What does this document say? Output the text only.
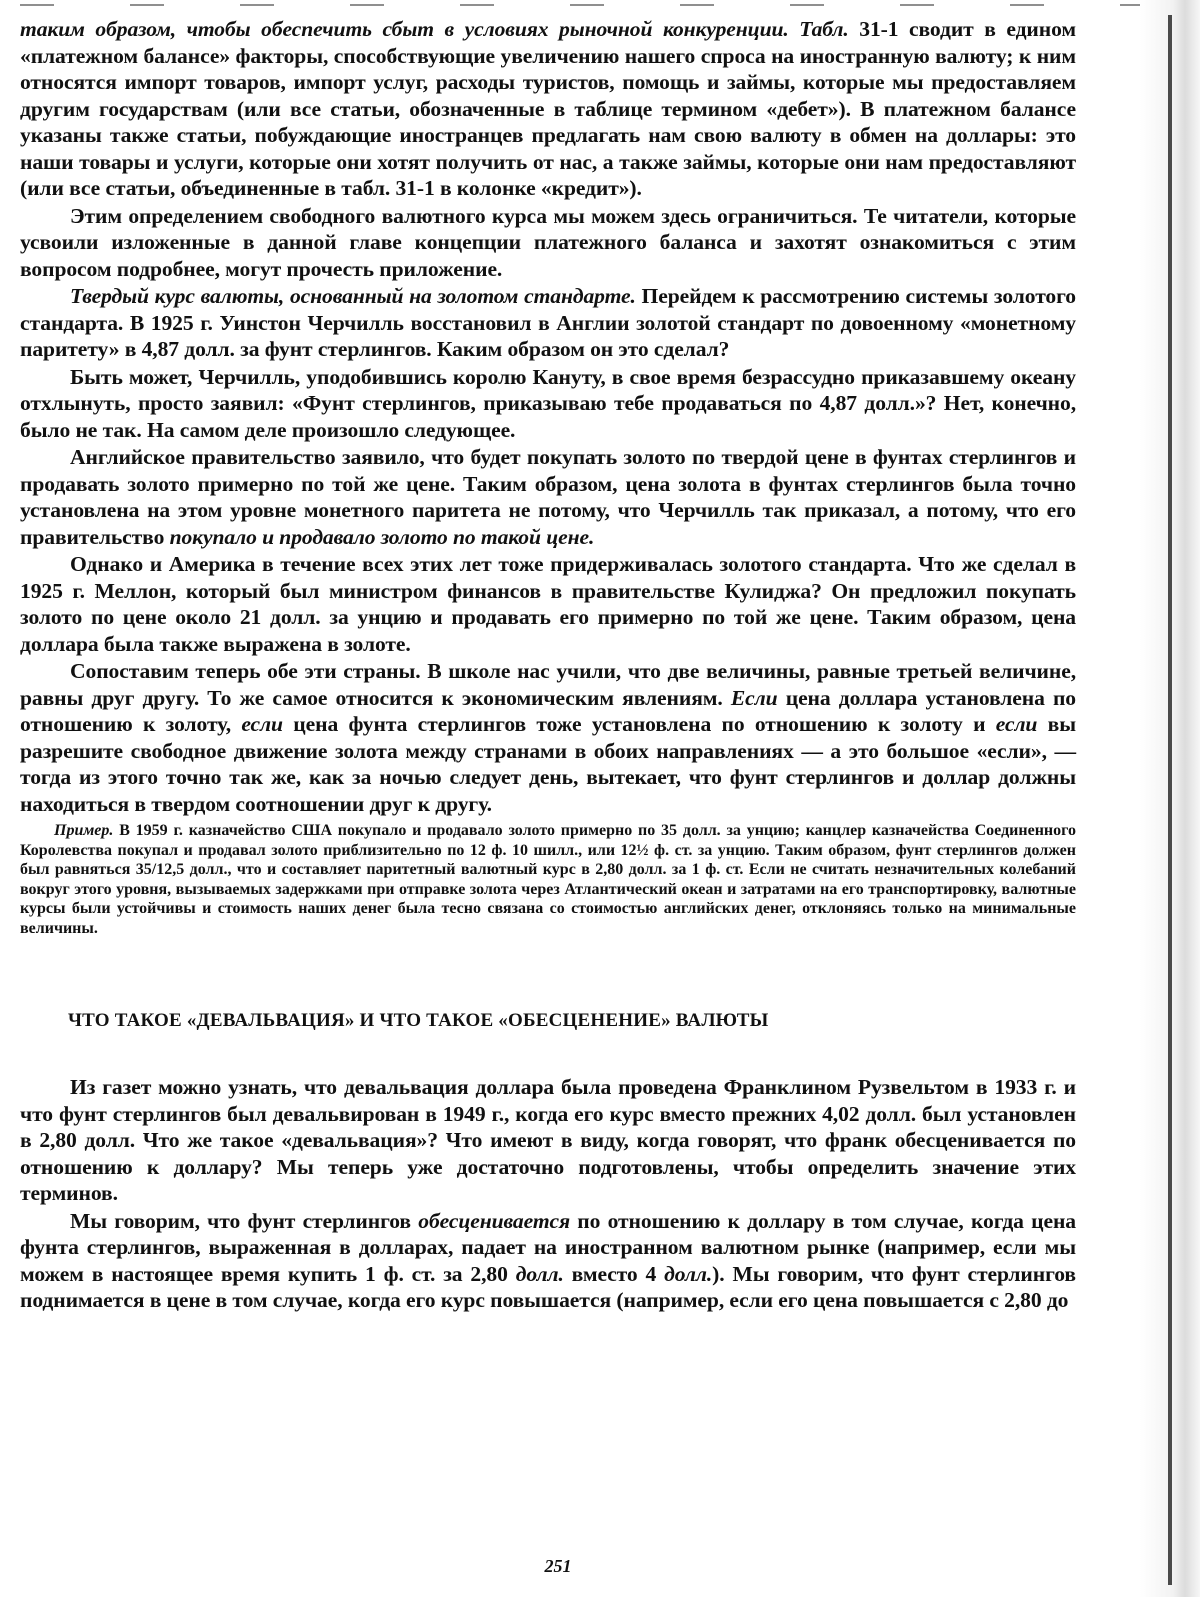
таким образом, чтобы обеспечить сбыт в условиях рыночной конкуренции. Табл. 31-1 сводит в едином «платежном балансе» факторы, способствующие увеличению нашего спроса на иностранную валюту; к ним относятся импорт товаров, импорт услуг, расходы туристов, помощь и займы, которые мы предоставляем другим государствам (или все статьи, обозначенные в таблице термином «дебет»). В платежном балансе указаны также статьи, побуждающие иностранцев предлагать нам свою валюту в обмен на доллары: это наши товары и услуги, которые они хотят получить от нас, а также займы, которые они нам предоставляют (или все статьи, объединенные в табл. 31-1 в колонке «кредит»).

Этим определением свободного валютного курса мы можем здесь ограничиться. Те читатели, которые усвоили изложенные в данной главе концепции платежного баланса и захотят ознакомиться с этим вопросом подробнее, могут прочесть приложение.

Твердый курс валюты, основанный на золотом стандарте. Перейдем к рассмотрению системы золотого стандарта. В 1925 г. Уинстон Черчилль восстановил в Англии золотой стандарт по довоенному «монетному паритету» в 4,87 долл. за фунт стерлингов. Каким образом он это сделал?

Быть может, Черчилль, уподобившись королю Кануту, в свое время безрассудно приказавшему океану отхлынуть, просто заявил: «Фунт стерлингов, приказываю тебе продаваться по 4,87 долл.»? Нет, конечно, было не так. На самом деле произошло следующее.

Английское правительство заявило, что будет покупать золото по твердой цене в фунтах стерлингов и продавать золото примерно по той же цене. Таким образом, цена золота в фунтах стерлингов была точно установлена на этом уровне монетного паритета не потому, что Черчилль так приказал, а потому, что его правительство покупало и продавало золото по такой цене.

Однако и Америка в течение всех этих лет тоже придерживалась золотого стандарта. Что же сделал в 1925 г. Меллон, который был министром финансов в правительстве Кулиджа? Он предложил покупать золото по цене около 21 долл. за унцию и продавать его примерно по той же цене. Таким образом, цена доллара была также выражена в золоте.

Сопоставим теперь обе эти страны. В школе нас учили, что две величины, равные третьей величине, равны друг другу. То же самое относится к экономическим явлениям. Если цена доллара установлена по отношению к золоту, если цена фунта стерлингов тоже установлена по отношению к золоту и если вы разрешите свободное движение золота между странами в обоих направлениях — а это большое «если», — тогда из этого точно так же, как за ночью следует день, вытекает, что фунт стерлингов и доллар должны находиться в твердом соотношении друг к другу.

Пример. В 1959 г. казначейство США покупало и продавало золото примерно по 35 долл. за унцию; канцлер казначейства Соединенного Королевства покупал и продавал золото приблизительно по 12 ф. 10 шилл., или 12½ ф. ст. за унцию. Таким образом, фунт стерлингов должен был равняться 35/12,5 долл., что и составляет паритетный валютный курс в 2,80 долл. за 1 ф. ст. Если не считать незначительных колебаний вокруг этого уровня, вызываемых задержками при отправке золота через Атлантический океан и затратами на его транспортировку, валютные курсы были устойчивы и стоимость наших денег была тесно связана со стоимостью английских денег, отклоняясь только на минимальные величины.
ЧТО ТАКОЕ «ДЕВАЛЬВАЦИЯ» И ЧТО ТАКОЕ «ОБЕСЦЕНЕНИЕ» ВАЛЮТЫ

Из газет можно узнать, что девальвация доллара была проведена Франклином Рузвельтом в 1933 г. и что фунт стерлингов был девальвирован в 1949 г., когда его курс вместо прежних 4,02 долл. был установлен в 2,80 долл. Что же такое «девальвация»? Что имеют в виду, когда говорят, что франк обесценивается по отношению к доллару? Мы теперь уже достаточно подготовлены, чтобы определить значение этих терминов.

Мы говорим, что фунт стерлингов обесценивается по отношению к доллару в том случае, когда цена фунта стерлингов, выраженная в долларах, падает на иностранном валютном рынке (например, если мы можем в настоящее время купить 1 ф. ст. за 2,80 долл. вместо 4 долл.). Мы говорим, что фунт стерлингов поднимается в цене в том случае, когда его курс повышается (например, если его цена повышается с 2,80 до

251
